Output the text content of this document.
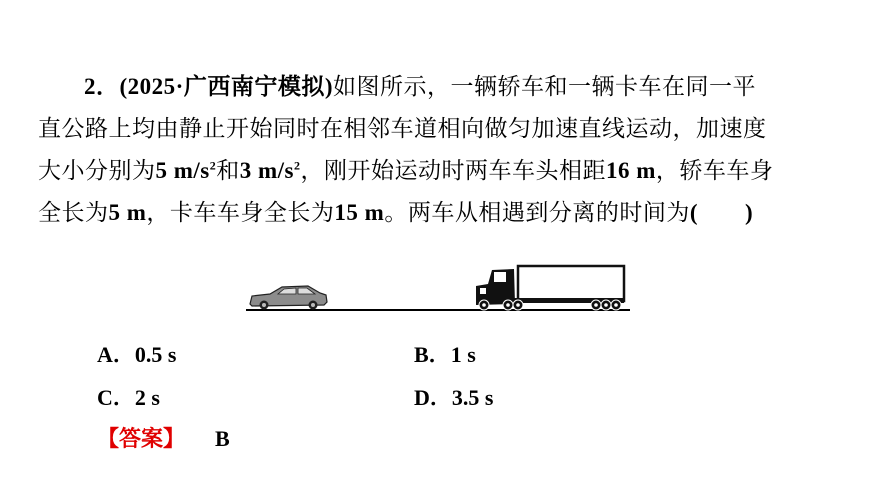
2．(2025·广西南宁模拟)如图所示，一辆轿车和一辆卡车在同一平
直公路上均由静止开始同时在相邻车道相向做匀加速直线运动，加速度
大小分别为5 $m/s^2$和3 $m/s^2$，刚开始运动时两车车头相距16 m，轿车车身
全长为5 m，卡车车身全长为15 m。两车从相遇到分离的时间为(　　)
A．0.5 s	B．1 s
C．2 s	D．3.5 s
【答案】 B
